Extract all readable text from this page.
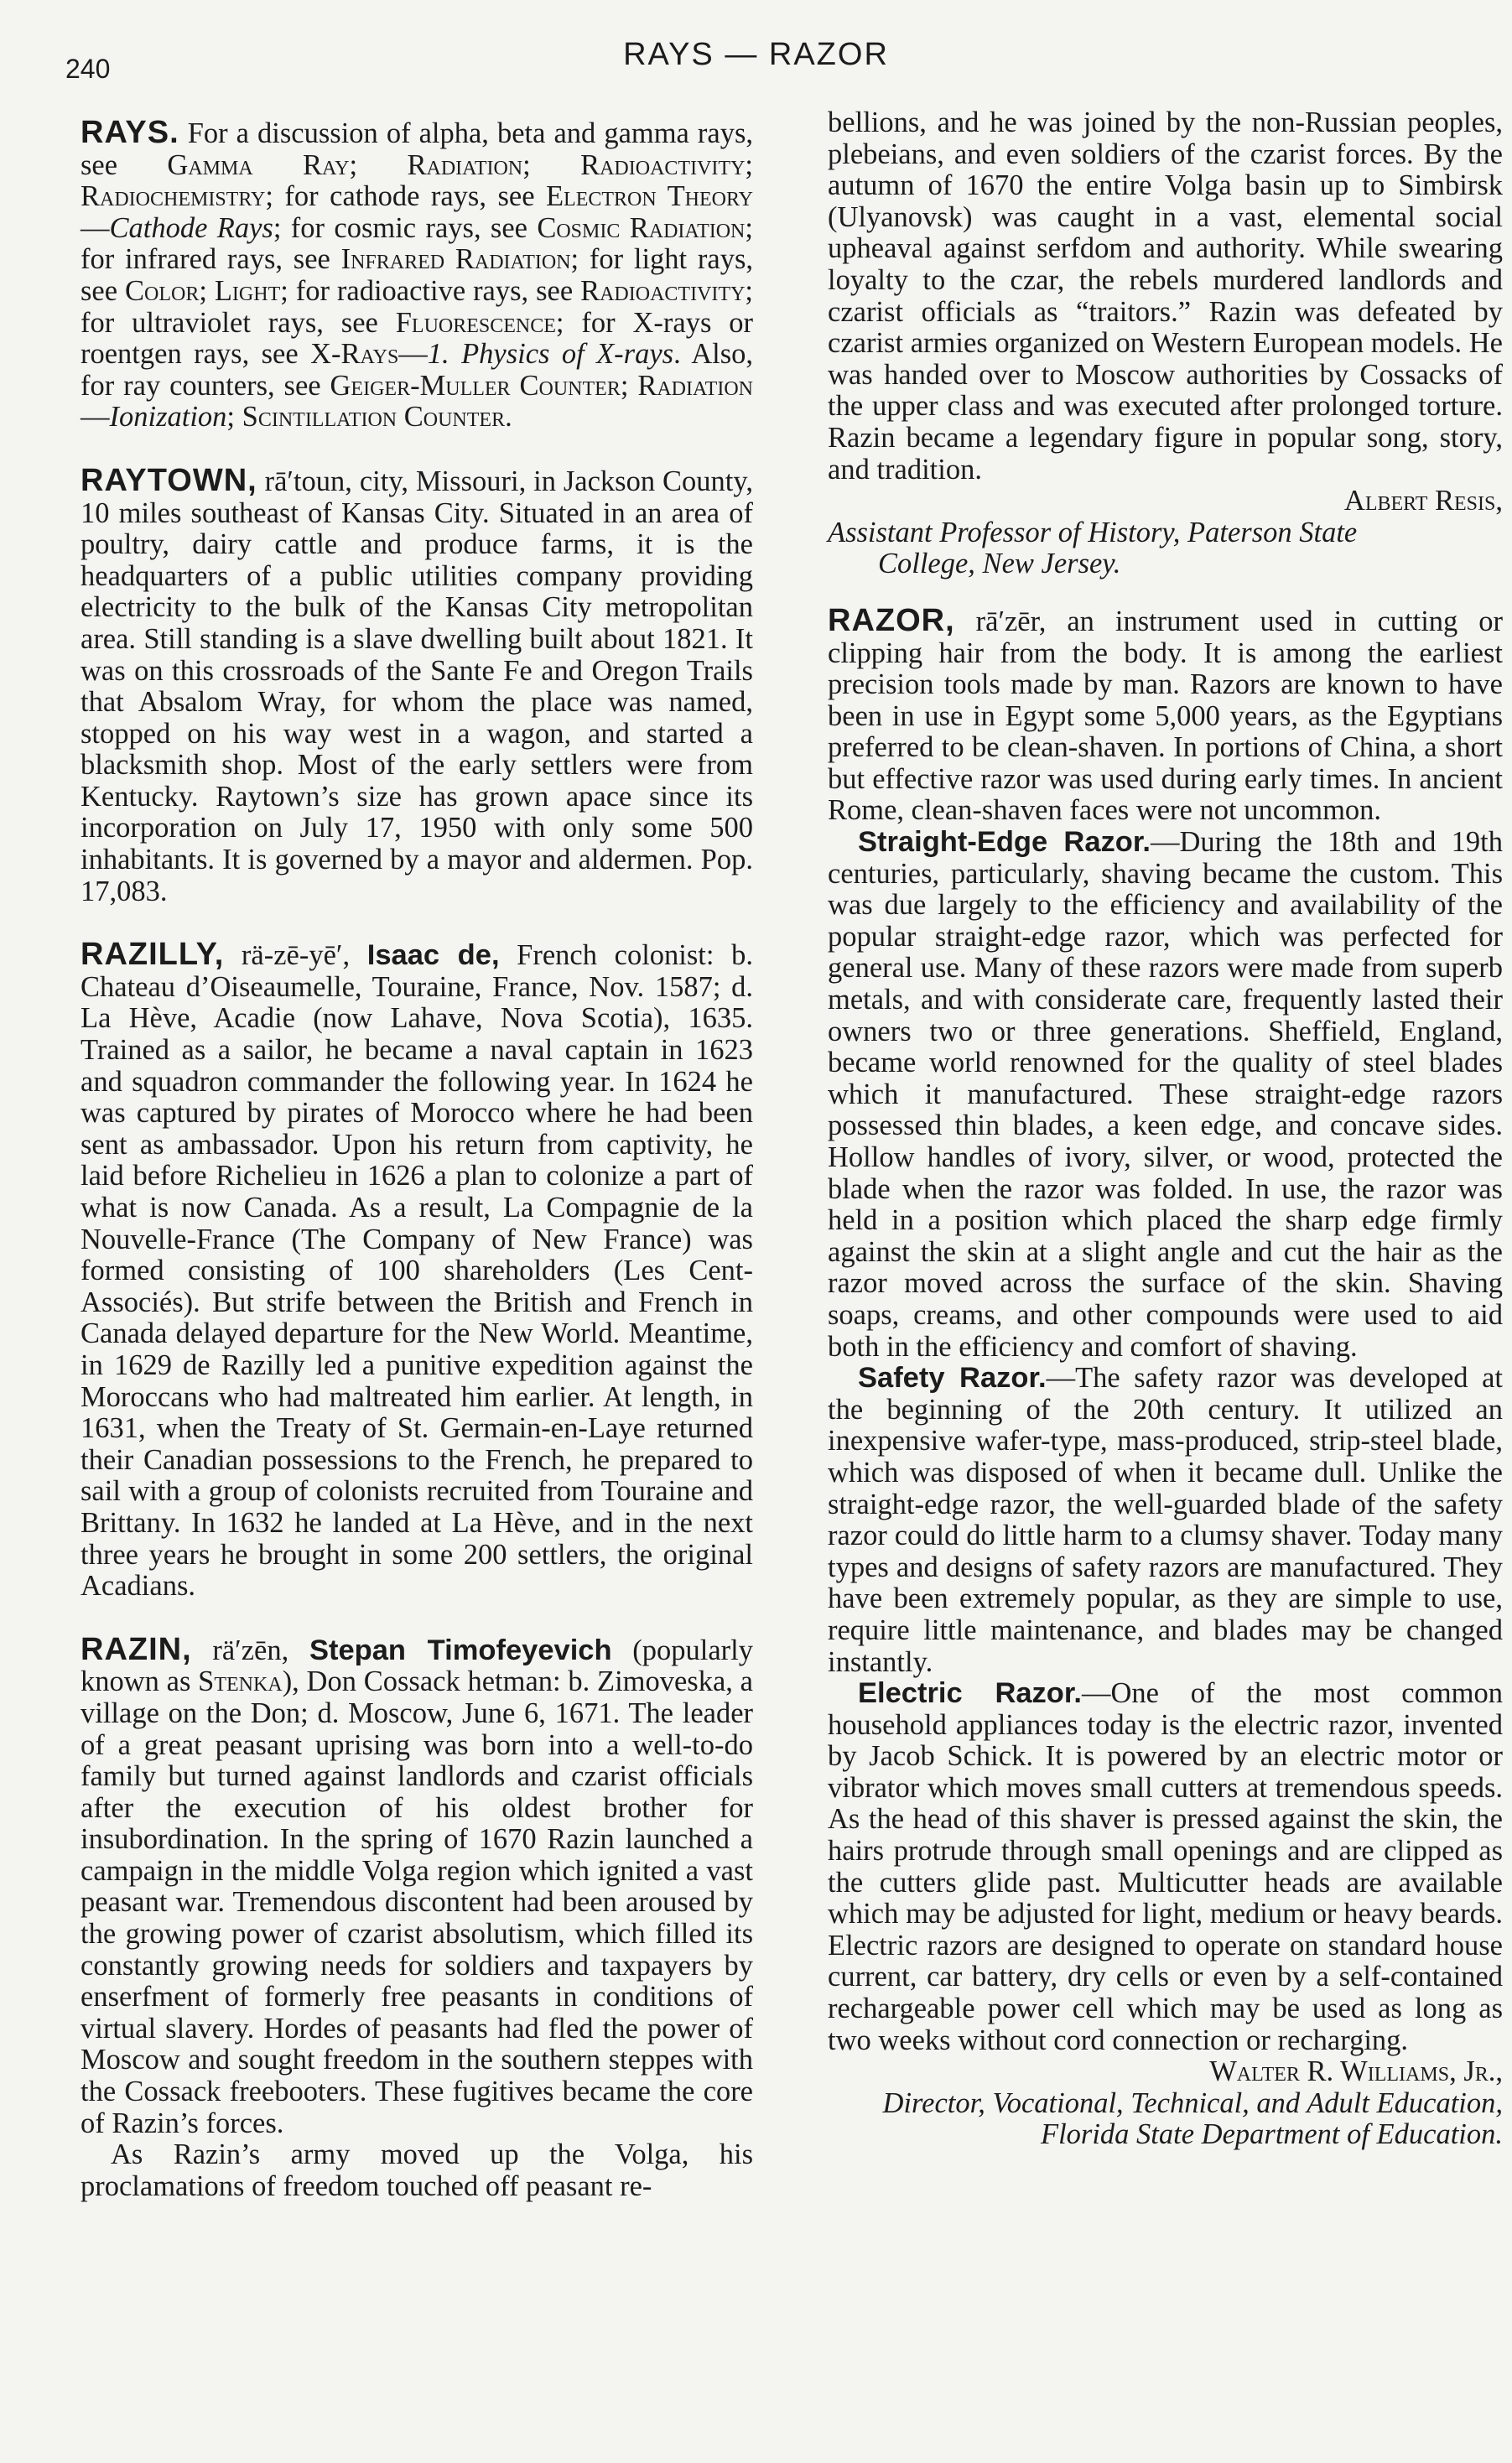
240	RAYS — RAZOR

RAYS. For a discussion of alpha, beta and gamma rays, see Gamma Ray; Radiation; Radioactivity; Radiochemistry; for cathode rays, see Electron Theory—Cathode Rays; for cosmic rays, see Cosmic Radiation; for infrared rays, see Infrared Radiation; for light rays, see Color; Light; for radioactive rays, see Radioactivity; for ultraviolet rays, see Fluorescence; for X-rays or roentgen rays, see X-Rays—1. Physics of X-rays. Also, for ray counters, see Geiger-Muller Counter; Radiation—Ionization; Scintillation Counter.

RAYTOWN, rā′toun, city, Missouri, in Jackson County, 10 miles southeast of Kansas City. Situated in an area of poultry, dairy cattle and produce farms, it is the headquarters of a public utilities company providing electricity to the bulk of the Kansas City metropolitan area. Still standing is a slave dwelling built about 1821. It was on this crossroads of the Sante Fe and Oregon Trails that Absalom Wray, for whom the place was named, stopped on his way west in a wagon, and started a blacksmith shop. Most of the early settlers were from Kentucky. Raytown’s size has grown apace since its incorporation on July 17, 1950 with only some 500 inhabitants. It is governed by a mayor and aldermen. Pop. 17,083.

RAZILLY, rä-zē-yē′, Isaac de, French colonist: b. Chateau d’Oiseaumelle, Touraine, France, Nov. 1587; d. La Hève, Acadie (now Lahave, Nova Scotia), 1635. Trained as a sailor, he became a naval captain in 1623 and squadron commander the following year. In 1624 he was captured by pirates of Morocco where he had been sent as ambassador. Upon his return from captivity, he laid before Richelieu in 1626 a plan to colonize a part of what is now Canada. As a result, La Compagnie de la Nouvelle-France (The Company of New France) was formed consisting of 100 shareholders (Les Cent-Associés). But strife between the British and French in Canada delayed departure for the New World. Meantime, in 1629 de Razilly led a punitive expedition against the Moroccans who had maltreated him earlier. At length, in 1631, when the Treaty of St. Germain-en-Laye returned their Canadian possessions to the French, he prepared to sail with a group of colonists recruited from Touraine and Brittany. In 1632 he landed at La Hève, and in the next three years he brought in some 200 settlers, the original Acadians.

RAZIN, rä′zēn, Stepan Timofeyevich (popularly known as Stenka), Don Cossack hetman: b. Zimoveska, a village on the Don; d. Moscow, June 6, 1671. The leader of a great peasant uprising was born into a well-to-do family but turned against landlords and czarist officials after the execution of his oldest brother for insubordination. In the spring of 1670 Razin launched a campaign in the middle Volga region which ignited a vast peasant war. Tremendous discontent had been aroused by the growing power of czarist absolutism, which filled its constantly growing needs for soldiers and taxpayers by enserfment of formerly free peasants in conditions of virtual slavery. Hordes of peasants had fled the power of Moscow and sought freedom in the southern steppes with the Cossack freebooters. These fugitives became the core of Razin’s forces.

As Razin’s army moved up the Volga, his proclamations of freedom touched off peasant re-

bellions, and he was joined by the non-Russian peoples, plebeians, and even soldiers of the czarist forces. By the autumn of 1670 the entire Volga basin up to Simbirsk (Ulyanovsk) was caught in a vast, elemental social upheaval against serfdom and authority. While swearing loyalty to the czar, the rebels murdered landlords and czarist officials as “traitors.” Razin was defeated by czarist armies organized on Western European models. He was handed over to Moscow authorities by Cossacks of the upper class and was executed after prolonged torture. Razin became a legendary figure in popular song, story, and tradition.

Albert Resis,

Assistant Professor of History, Paterson State
College, New Jersey.

RAZOR, rā′zēr, an instrument used in cutting or clipping hair from the body. It is among the earliest precision tools made by man. Razors are known to have been in use in Egypt some 5,000 years, as the Egyptians preferred to be clean-shaven. In portions of China, a short but effective razor was used during early times. In ancient Rome, clean-shaven faces were not uncommon.

Straight-Edge Razor.—During the 18th and 19th centuries, particularly, shaving became the custom. This was due largely to the efficiency and availability of the popular straight-edge razor, which was perfected for general use. Many of these razors were made from superb metals, and with considerate care, frequently lasted their owners two or three generations. Sheffield, England, became world renowned for the quality of steel blades which it manufactured. These straight-edge razors possessed thin blades, a keen edge, and concave sides. Hollow handles of ivory, silver, or wood, protected the blade when the razor was folded. In use, the razor was held in a position which placed the sharp edge firmly against the skin at a slight angle and cut the hair as the razor moved across the surface of the skin. Shaving soaps, creams, and other compounds were used to aid both in the efficiency and comfort of shaving.

Safety Razor.—The safety razor was developed at the beginning of the 20th century. It utilized an inexpensive wafer-type, mass-produced, strip-steel blade, which was disposed of when it became dull. Unlike the straight-edge razor, the well-guarded blade of the safety razor could do little harm to a clumsy shaver. Today many types and designs of safety razors are manufactured. They have been extremely popular, as they are simple to use, require little maintenance, and blades may be changed instantly.

Electric Razor.—One of the most common household appliances today is the electric razor, invented by Jacob Schick. It is powered by an electric motor or vibrator which moves small cutters at tremendous speeds. As the head of this shaver is pressed against the skin, the hairs protrude through small openings and are clipped as the cutters glide past. Multicutter heads are available which may be adjusted for light, medium or heavy beards. Electric razors are designed to operate on standard house current, car battery, dry cells or even by a self-contained rechargeable power cell which may be used as long as two weeks without cord connection or recharging.

Walter R. Williams, Jr.,

Director, Vocational, Technical, and Adult Education,
Florida State Department of Education.
